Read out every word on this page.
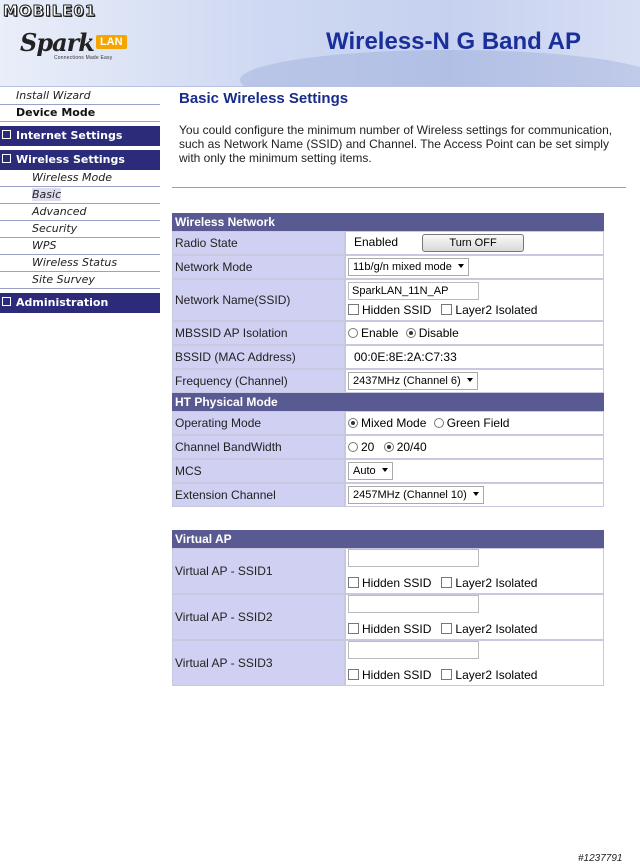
MOBILE01
Spark LAN
Connections Made Easy
Wireless-N G Band AP
Install Wizard
Device Mode
Internet Settings
Wireless Settings
Wireless Mode
Basic
Advanced
Security
WPS
Wireless Status
Site Survey
Administration
Basic Wireless Settings
You could configure the minimum number of Wireless settings for communication, such as Network Name (SSID) and Channel. The Access Point can be set simply with only the minimum setting items.
Wireless Network	
Radio State	Enabled Turn OFF
Network Mode	11b/g/n mixed mode
Network Name(SSID)	SparkLAN_11N_AP
Hidden SSID Layer2 Isolated
MBSSID AP Isolation	Enable Disable
BSSID (MAC Address)	00:0E:8E:2A:C7:33
Frequency (Channel)	2437MHz (Channel 6)
HT Physical Mode	
Operating Mode	Mixed Mode Green Field
Channel BandWidth	20 20/40
MCS	Auto
Extension Channel	2457MHz (Channel 10)
Virtual AP	
Virtual AP - SSID1	Hidden SSID Layer2 Isolated
Virtual AP - SSID2	Hidden SSID Layer2 Isolated
Virtual AP - SSID3	Hidden SSID Layer2 Isolated
#1237791
